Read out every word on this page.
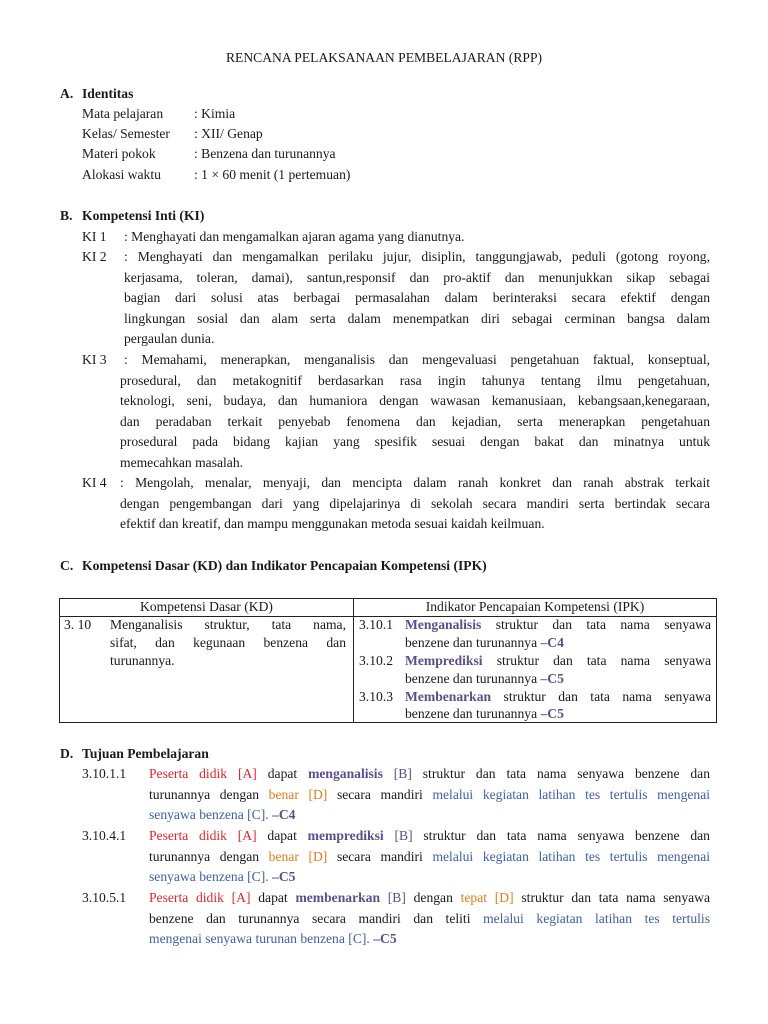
RENCANA PELAKSANAAN PEMBELAJARAN (RPP)
A. Identitas
Mata pelajaran : Kimia
Kelas/ Semester : XII/ Genap
Materi pokok	: Benzena dan turunannya
Alokasi waktu : 1 × 60 menit (1 pertemuan)
B. Kompetensi Inti (KI)
KI 1 : Menghayati dan mengamalkan ajaran agama yang dianutnya.
KI 2 : Menghayati dan mengamalkan perilaku jujur, disiplin, tanggungjawab, peduli (gotong royong,
kerjasama, toleran, damai), santun,responsif dan pro-aktif dan menunjukkan sikap sebagai
bagian dari solusi atas berbagai permasalahan dalam berinteraksi secara efektif dengan
lingkungan sosial dan alam serta dalam menempatkan diri sebagai cerminan bangsa dalam
pergaulan dunia.
KI 3 : Memahami, menerapkan, menganalisis dan mengevaluasi pengetahuan faktual, konseptual,
prosedural, dan metakognitif berdasarkan rasa ingin tahunya tentang ilmu pengetahuan,
teknologi, seni, budaya, dan humaniora dengan wawasan kemanusiaan, kebangsaan,kenegaraan,
dan peradaban terkait penyebab fenomena dan kejadian, serta menerapkan pengetahuan
prosedural pada bidang kajian yang spesifik sesuai dengan bakat dan minatnya untuk
memecahkan masalah.
KI 4 : Mengolah, menalar, menyaji, dan mencipta dalam ranah konkret dan ranah abstrak terkait
dengan pengembangan dari yang dipelajarinya di sekolah secara mandiri serta bertindak secara
efektif dan kreatif, dan mampu menggunakan metoda sesuai kaidah keilmuan.
C. Kompetensi Dasar (KD) dan Indikator Pencapaian Kompetensi (IPK)
Kompetensi Dasar (KD)	Indikator Pencapaian Kompetensi (IPK)
3. 10 Menganalisis struktur, tata nama,
sifat, dan kegunaan benzena dan
turunannya.
3.10.1 Menganalisis struktur dan tata nama senyawa
benzene dan turunannya –C4
3.10.2 Memprediksi struktur dan tata nama senyawa
benzene dan turunannya –C5
3.10.3 Membenarkan struktur dan tata nama senyawa
benzene dan turunannya –C5
D. Tujuan Pembelajaran
3.10.1.1 Peserta didik [A] dapat menganalisis [B] struktur dan tata nama senyawa benzene dan
turunannya dengan benar [D] secara mandiri melalui kegiatan latihan tes tertulis mengenai
senyawa benzena [C]. –C4
3.10.4.1 Peserta didik [A] dapat memprediksi [B] struktur dan tata nama senyawa benzene dan
turunannya dengan benar [D] secara mandiri melalui kegiatan latihan tes tertulis mengenai
senyawa benzena [C]. –C5
3.10.5.1 Peserta didik [A] dapat membenarkan [B] dengan tepat [D] struktur dan tata nama senyawa
benzene dan turunannya secara mandiri dan teliti melalui kegiatan latihan tes tertulis
mengenai senyawa turunan benzena [C]. –C5
